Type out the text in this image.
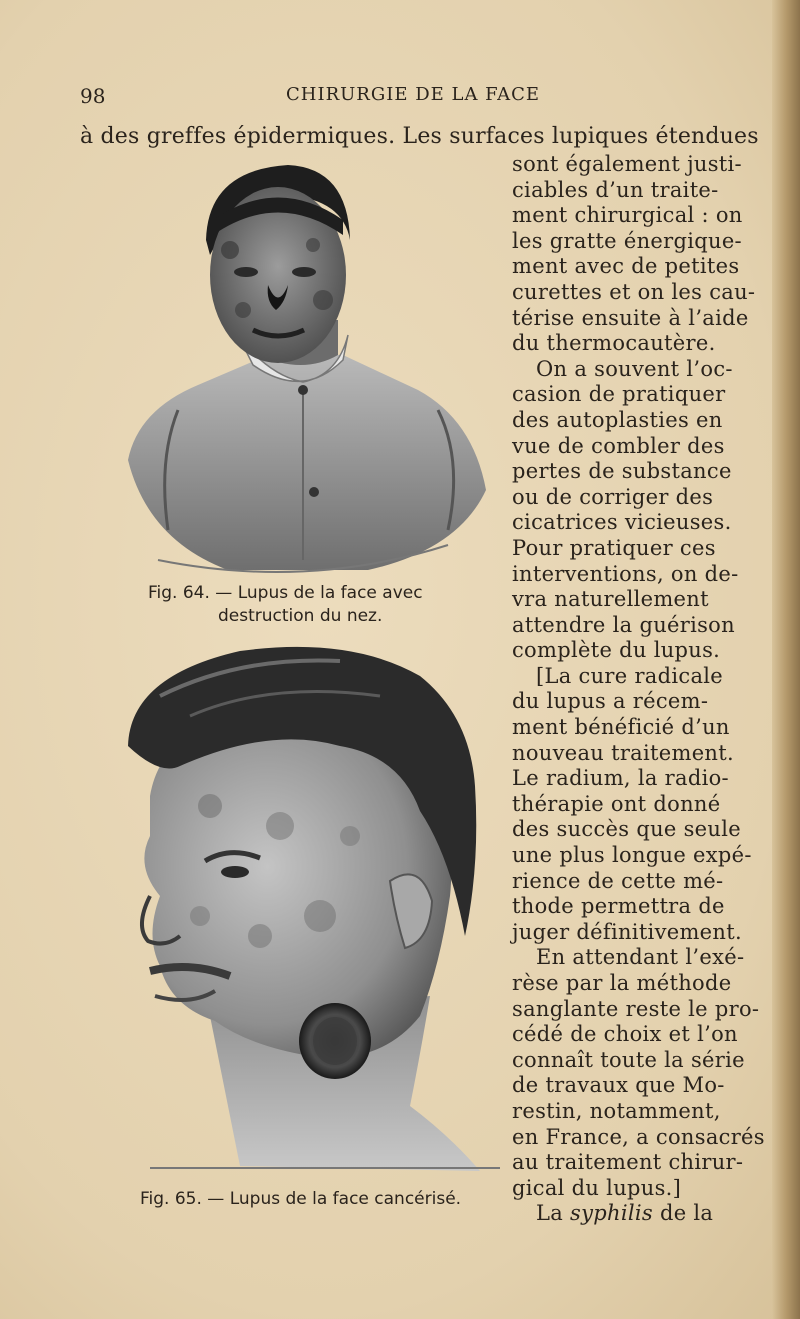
98	CHIRURGIE DE LA FACE
à des greffes épidermiques. Les surfaces lupiques étendues
sont également justi-
ciables d’un traite-
ment chirurgical : on
les gratte énergique-
ment avec de petites
curettes et on les cau-
térise ensuite à l’aide
du thermocautère.
On a souvent l’oc-
casion de pratiquer
des autoplasties en
vue de combler des
pertes de substance
ou de corriger des
cicatrices vicieuses.
Pour pratiquer ces
interventions, on de-
vra naturellement
attendre la guérison
complète du lupus.
[La cure radicale
du lupus a récem-
ment bénéficié d’un
nouveau traitement.
Le radium, la radio-
thérapie ont donné
des succès que seule
une plus longue expé-
rience de cette mé-
thode permettra de
juger définitivement.
En attendant l’exé-
rèse par la méthode
sanglante reste le pro-
cédé de choix et l’on
connaît toute la série
de travaux que Mo-
restin, notamment,
en France, a consacrés
au traitement chirur-
gical du lupus.]
La syphilis de la
Fig. 64. — Lupus de la face avec
destruction du nez.
Fig. 65. — Lupus de la face cancérisé.
